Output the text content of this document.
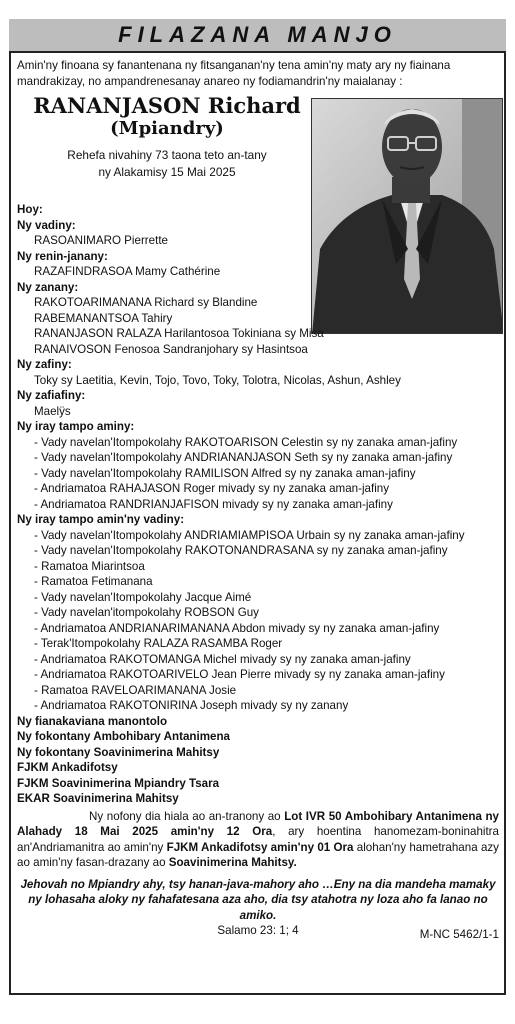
FILAZANA MANJO
Amin'ny finoana sy fanantenana ny fitsanganan'ny tena amin'ny maty ary ny fiainana mandrakizay, no ampandrenesanay anareo ny fodiamandrin'ny maialanay :
RANANJASON Richard
(Mpiandry)
Rehefa nivahiny 73 taona teto an-tany
ny Alakamisy 15 Mai 2025
Hoy:
Ny vadiny:
RASOANIMARO Pierrette
Ny renin-janany:
RAZAFINDRASOA Mamy Cathérine
Ny zanany:
RAKOTOARIMANANA Richard sy Blandine
RABEMANANTSOA Tahiry
RANANJASON RALAZA Harilantosoa Tokiniana sy Misa
RANAIVOSON Fenosoa Sandranjohary sy Hasintsoa
Ny zafiny:
Toky sy Laetitia, Kevin, Tojo, Tovo, Toky, Tolotra, Nicolas, Ashun, Ashley
Ny zafiafiny:
Maelÿs
Ny iray tampo aminy:
- Vady navelan'Itompokolahy RAKOTOARISON Celestin sy ny zanaka aman-jafiny
- Vady navelan'Itompokolahy ANDRIANANJASON Seth sy ny zanaka aman-jafiny
- Vady navelan'Itompokolahy RAMILISON Alfred sy ny zanaka aman-jafiny
- Andriamatoa RAHAJASON Roger mivady sy ny zanaka aman-jafiny
- Andriamatoa RANDRIANJAFISON mivady sy ny zanaka aman-jafiny
Ny iray tampo amin'ny vadiny:
- Vady navelan'Itompokolahy ANDRIAMIAMPISOA Urbain sy ny zanaka aman-jafiny
- Vady navelan'Itompokolahy RAKOTONANDRASANA sy ny zanaka aman-jafiny
- Ramatoa Miarintsoa
- Ramatoa Fetimanana
- Vady navelan'Itompokolahy Jacque Aimé
- Vady navelan'itompokolahy ROBSON Guy
- Andriamatoa ANDRIANARIMANANA Abdon mivady sy ny zanaka aman-jafiny
- Terak'Itompokolahy RALAZA RASAMBA Roger
- Andriamatoa RAKOTOMANGA Michel mivady sy ny zanaka aman-jafiny
- Andriamatoa RAKOTOARIVELO Jean Pierre mivady sy ny zanaka aman-jafiny
- Ramatoa RAVELOARIMANANA Josie
- Andriamatoa RAKOTONIRINA Joseph mivady sy ny zanany
Ny fianakaviana manontolo
Ny fokontany Ambohibary Antanimena
Ny fokontany Soavinimerina Mahitsy
FJKM Ankadifotsy
FJKM Soavinimerina Mpiandry Tsara
EKAR Soavinimerina Mahitsy
Ny nofony dia hiala ao an-tranony ao Lot IVR 50 Ambohibary Antanimena ny Alahady 18 Mai 2025 amin'ny 12 Ora, ary hoentina hanomezam-boninahitra an'Andriamanitra ao amin'ny FJKM Ankadifotsy amin'ny 01 Ora alohan'ny hametrahana azy ao amin'ny fasan-drazany ao Soavinimerina Mahitsy.
Jehovah no Mpiandry ahy, tsy hanan-java-mahory aho …Eny na dia mandeha mamaky ny lohasaha aloky ny fahafatesana aza aho, dia tsy atahotra ny loza aho fa lanao no amiko.
Salamo 23: 1; 4	M-NC 5462/1-1
